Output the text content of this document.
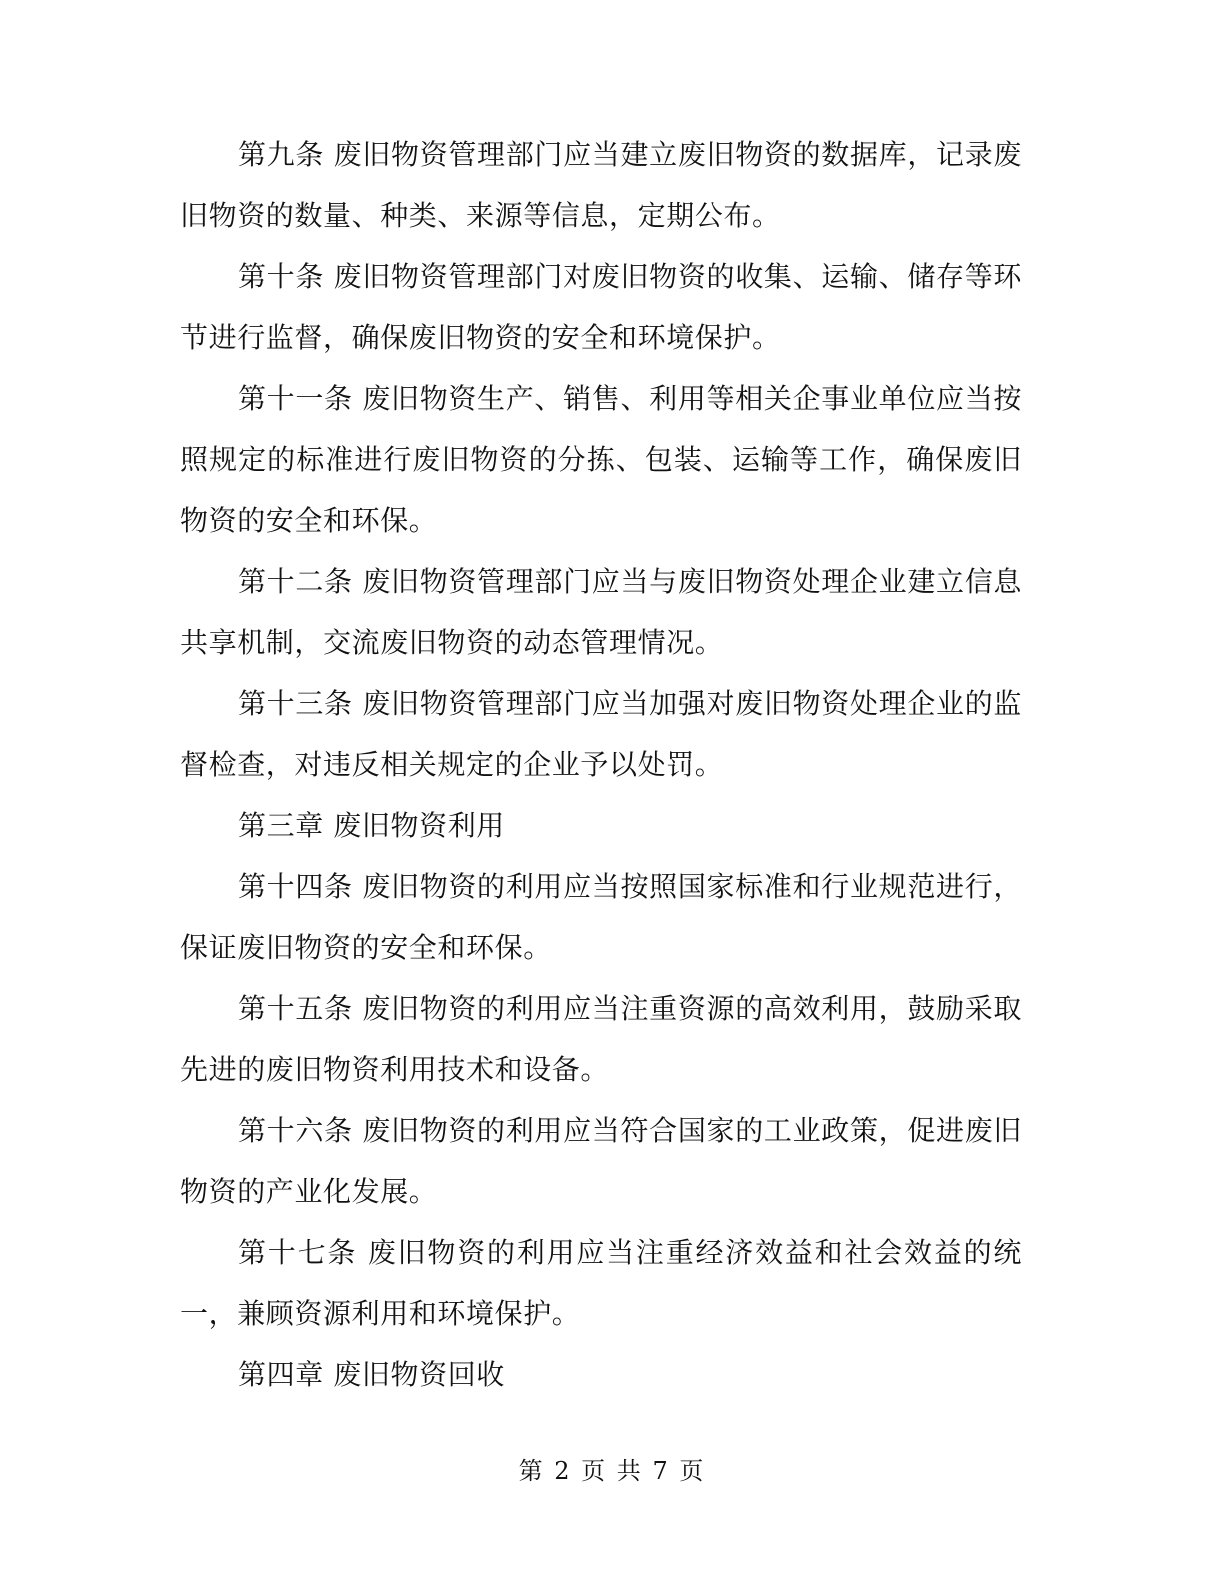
第九条 废旧物资管理部门应当建立废旧物资的数据库，记录废旧物资的数量、种类、来源等信息，定期公布。

第十条 废旧物资管理部门对废旧物资的收集、运输、储存等环节进行监督，确保废旧物资的安全和环境保护。

第十一条 废旧物资生产、销售、利用等相关企事业单位应当按照规定的标准进行废旧物资的分拣、包装、运输等工作，确保废旧物资的安全和环保。

第十二条 废旧物资管理部门应当与废旧物资处理企业建立信息共享机制，交流废旧物资的动态管理情况。

第十三条 废旧物资管理部门应当加强对废旧物资处理企业的监督检查，对违反相关规定的企业予以处罚。

第三章 废旧物资利用

第十四条 废旧物资的利用应当按照国家标准和行业规范进行，保证废旧物资的安全和环保。

第十五条 废旧物资的利用应当注重资源的高效利用，鼓励采取先进的废旧物资利用技术和设备。

第十六条 废旧物资的利用应当符合国家的工业政策，促进废旧物资的产业化发展。

第十七条 废旧物资的利用应当注重经济效益和社会效益的统一，兼顾资源利用和环境保护。

第四章 废旧物资回收

第 2 页 共 7 页
